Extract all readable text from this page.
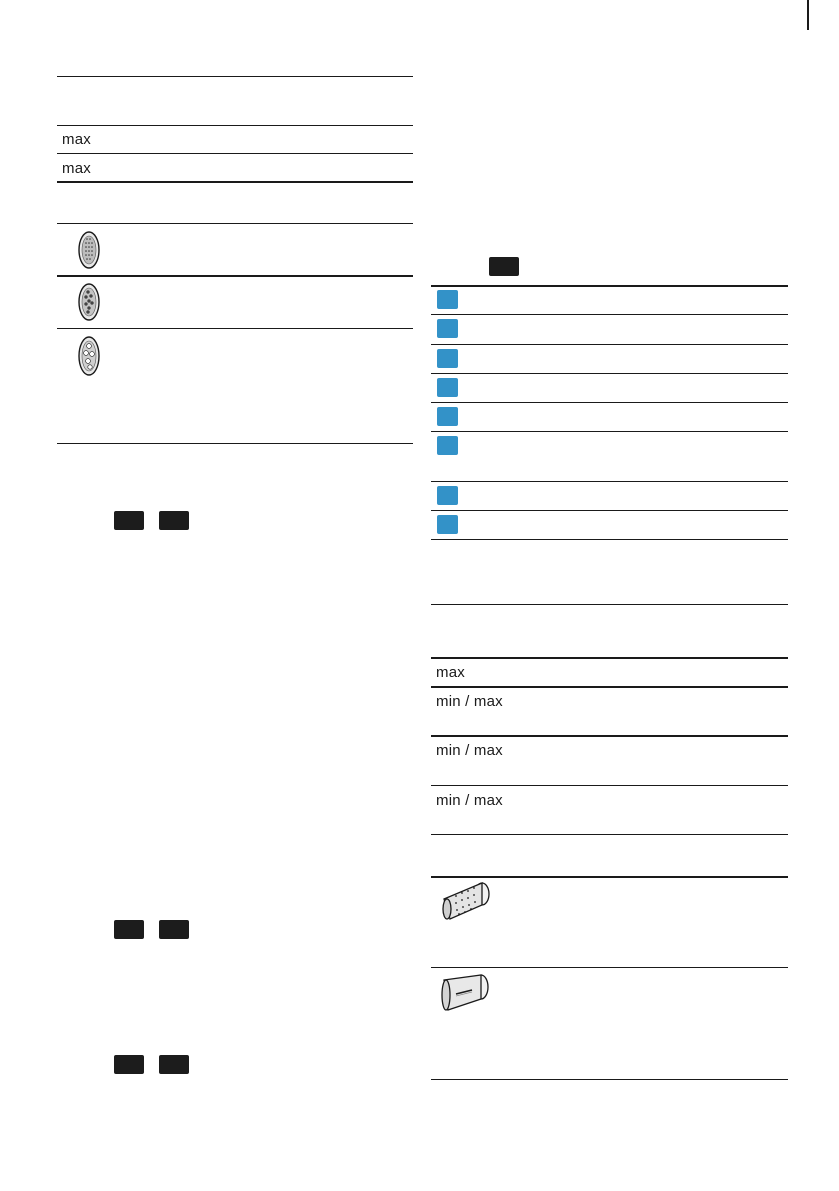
max
max
max
min / max
min / max
min / max
